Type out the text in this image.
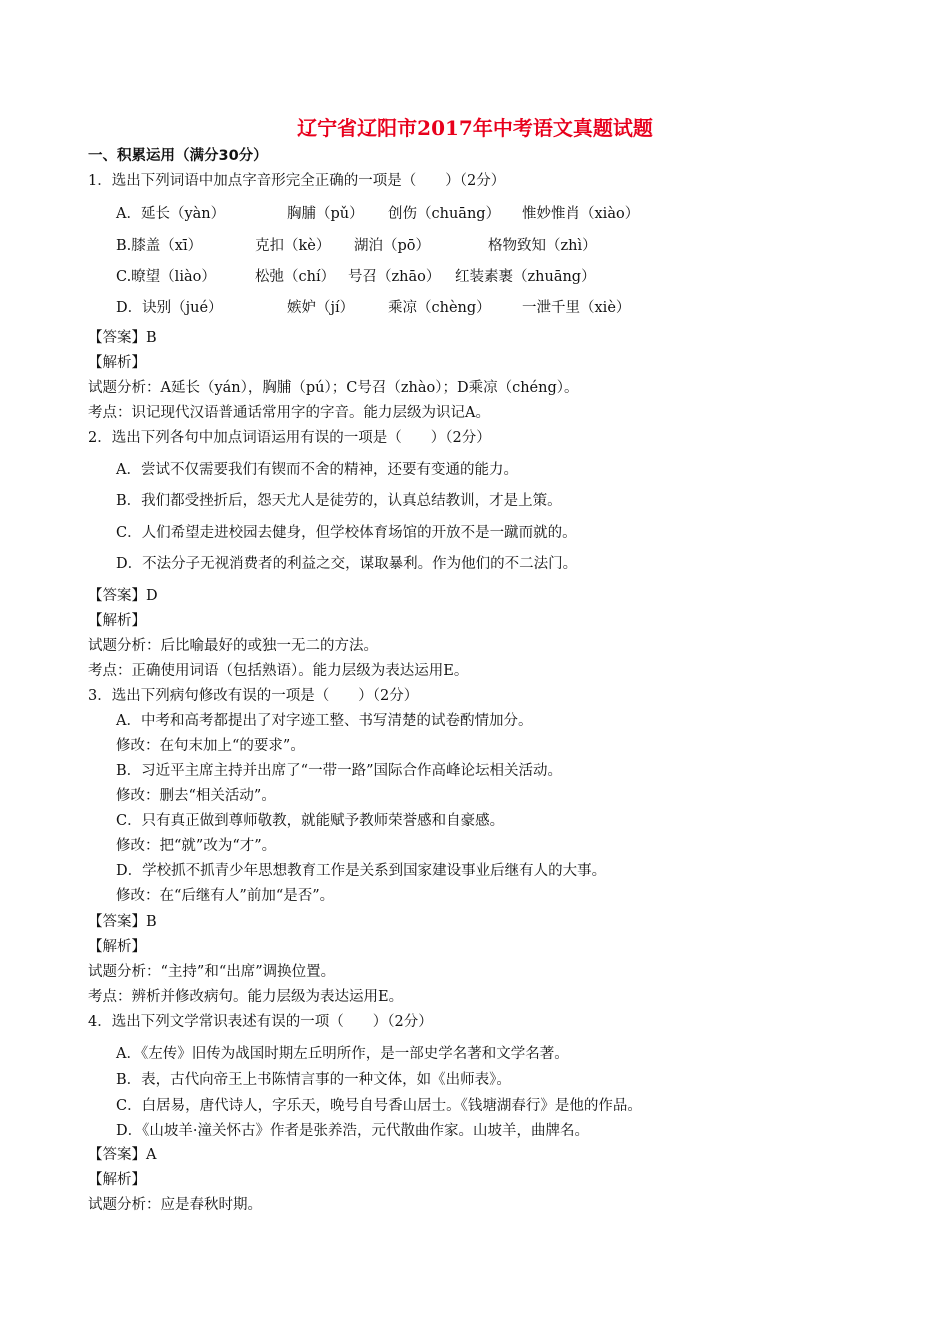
辽宁省辽阳市2017年中考语文真题试题
一、积累运用（满分30分）
1．选出下列词语中加点字音形完全正确的一项是（　　）（2分）
A．延长（yàn）	胸脯（pǔ） 创伤（chuāng） 惟妙惟肖（xiào）
B.膝盖（xī）	克扣（kè） 湖泊（pō）	格物致知（zhì）
C.暸望（liào）	松弛（chí） 号召（zhāo） 红装素裹（zhuāng）
D．诀别（jué）	嫉妒（jí） 乘凉（chèng） 一泄千里（xiè）
【答案】B
【解析】
试题分析：A延长（yán），胸脯（pú）；C号召（zhào）；D乘凉（chéng）。
考点：识记现代汉语普通话常用字的字音。能力层级为识记A。
2．选出下列各句中加点词语运用有误的一项是（　　）（2分）
A．尝试不仅需要我们有锲而不舍的精神，还要有变通的能力。
B．我们都受挫折后，怨天尤人是徒劳的，认真总结教训，才是上策。
C．人们希望走进校园去健身，但学校体育场馆的开放不是一蹴而就的。
D．不法分子无视消费者的利益之交，谋取暴利。作为他们的不二法门。
【答案】D
【解析】
试题分析：后比喻最好的或独一无二的方法。
考点：正确使用词语（包括熟语）。能力层级为表达运用E。
3．选出下列病句修改有误的一项是（　　）（2分）
A．中考和高考都提出了对字迹工整、书写清楚的试卷酌情加分。
修改：在句末加上“的要求”。
B．习近平主席主持并出席了“一带一路”国际合作高峰论坛相关活动。
修改：删去“相关活动”。
C．只有真正做到尊师敬教，就能赋予教师荣誉感和自豪感。
修改：把“就”改为“才”。
D．学校抓不抓青少年思想教育工作是关系到国家建设事业后继有人的大事。
修改：在“后继有人”前加“是否”。
【答案】B
【解析】
试题分析：“主持”和“出席”调换位置。
考点：辨析并修改病句。能力层级为表达运用E。
4．选出下列文学常识表述有误的一项（　　）（2分）
A．《左传》旧传为战国时期左丘明所作，是一部史学名著和文学名著。
B．表，古代向帝王上书陈情言事的一种文体，如《出师表》。
C．白居易，唐代诗人，字乐天，晚号自号香山居士。《钱塘湖春行》是他的作品。
D．《山坡羊·潼关怀古》作者是张养浩，元代散曲作家。山坡羊，曲牌名。
【答案】A
【解析】
试题分析：应是春秋时期。
